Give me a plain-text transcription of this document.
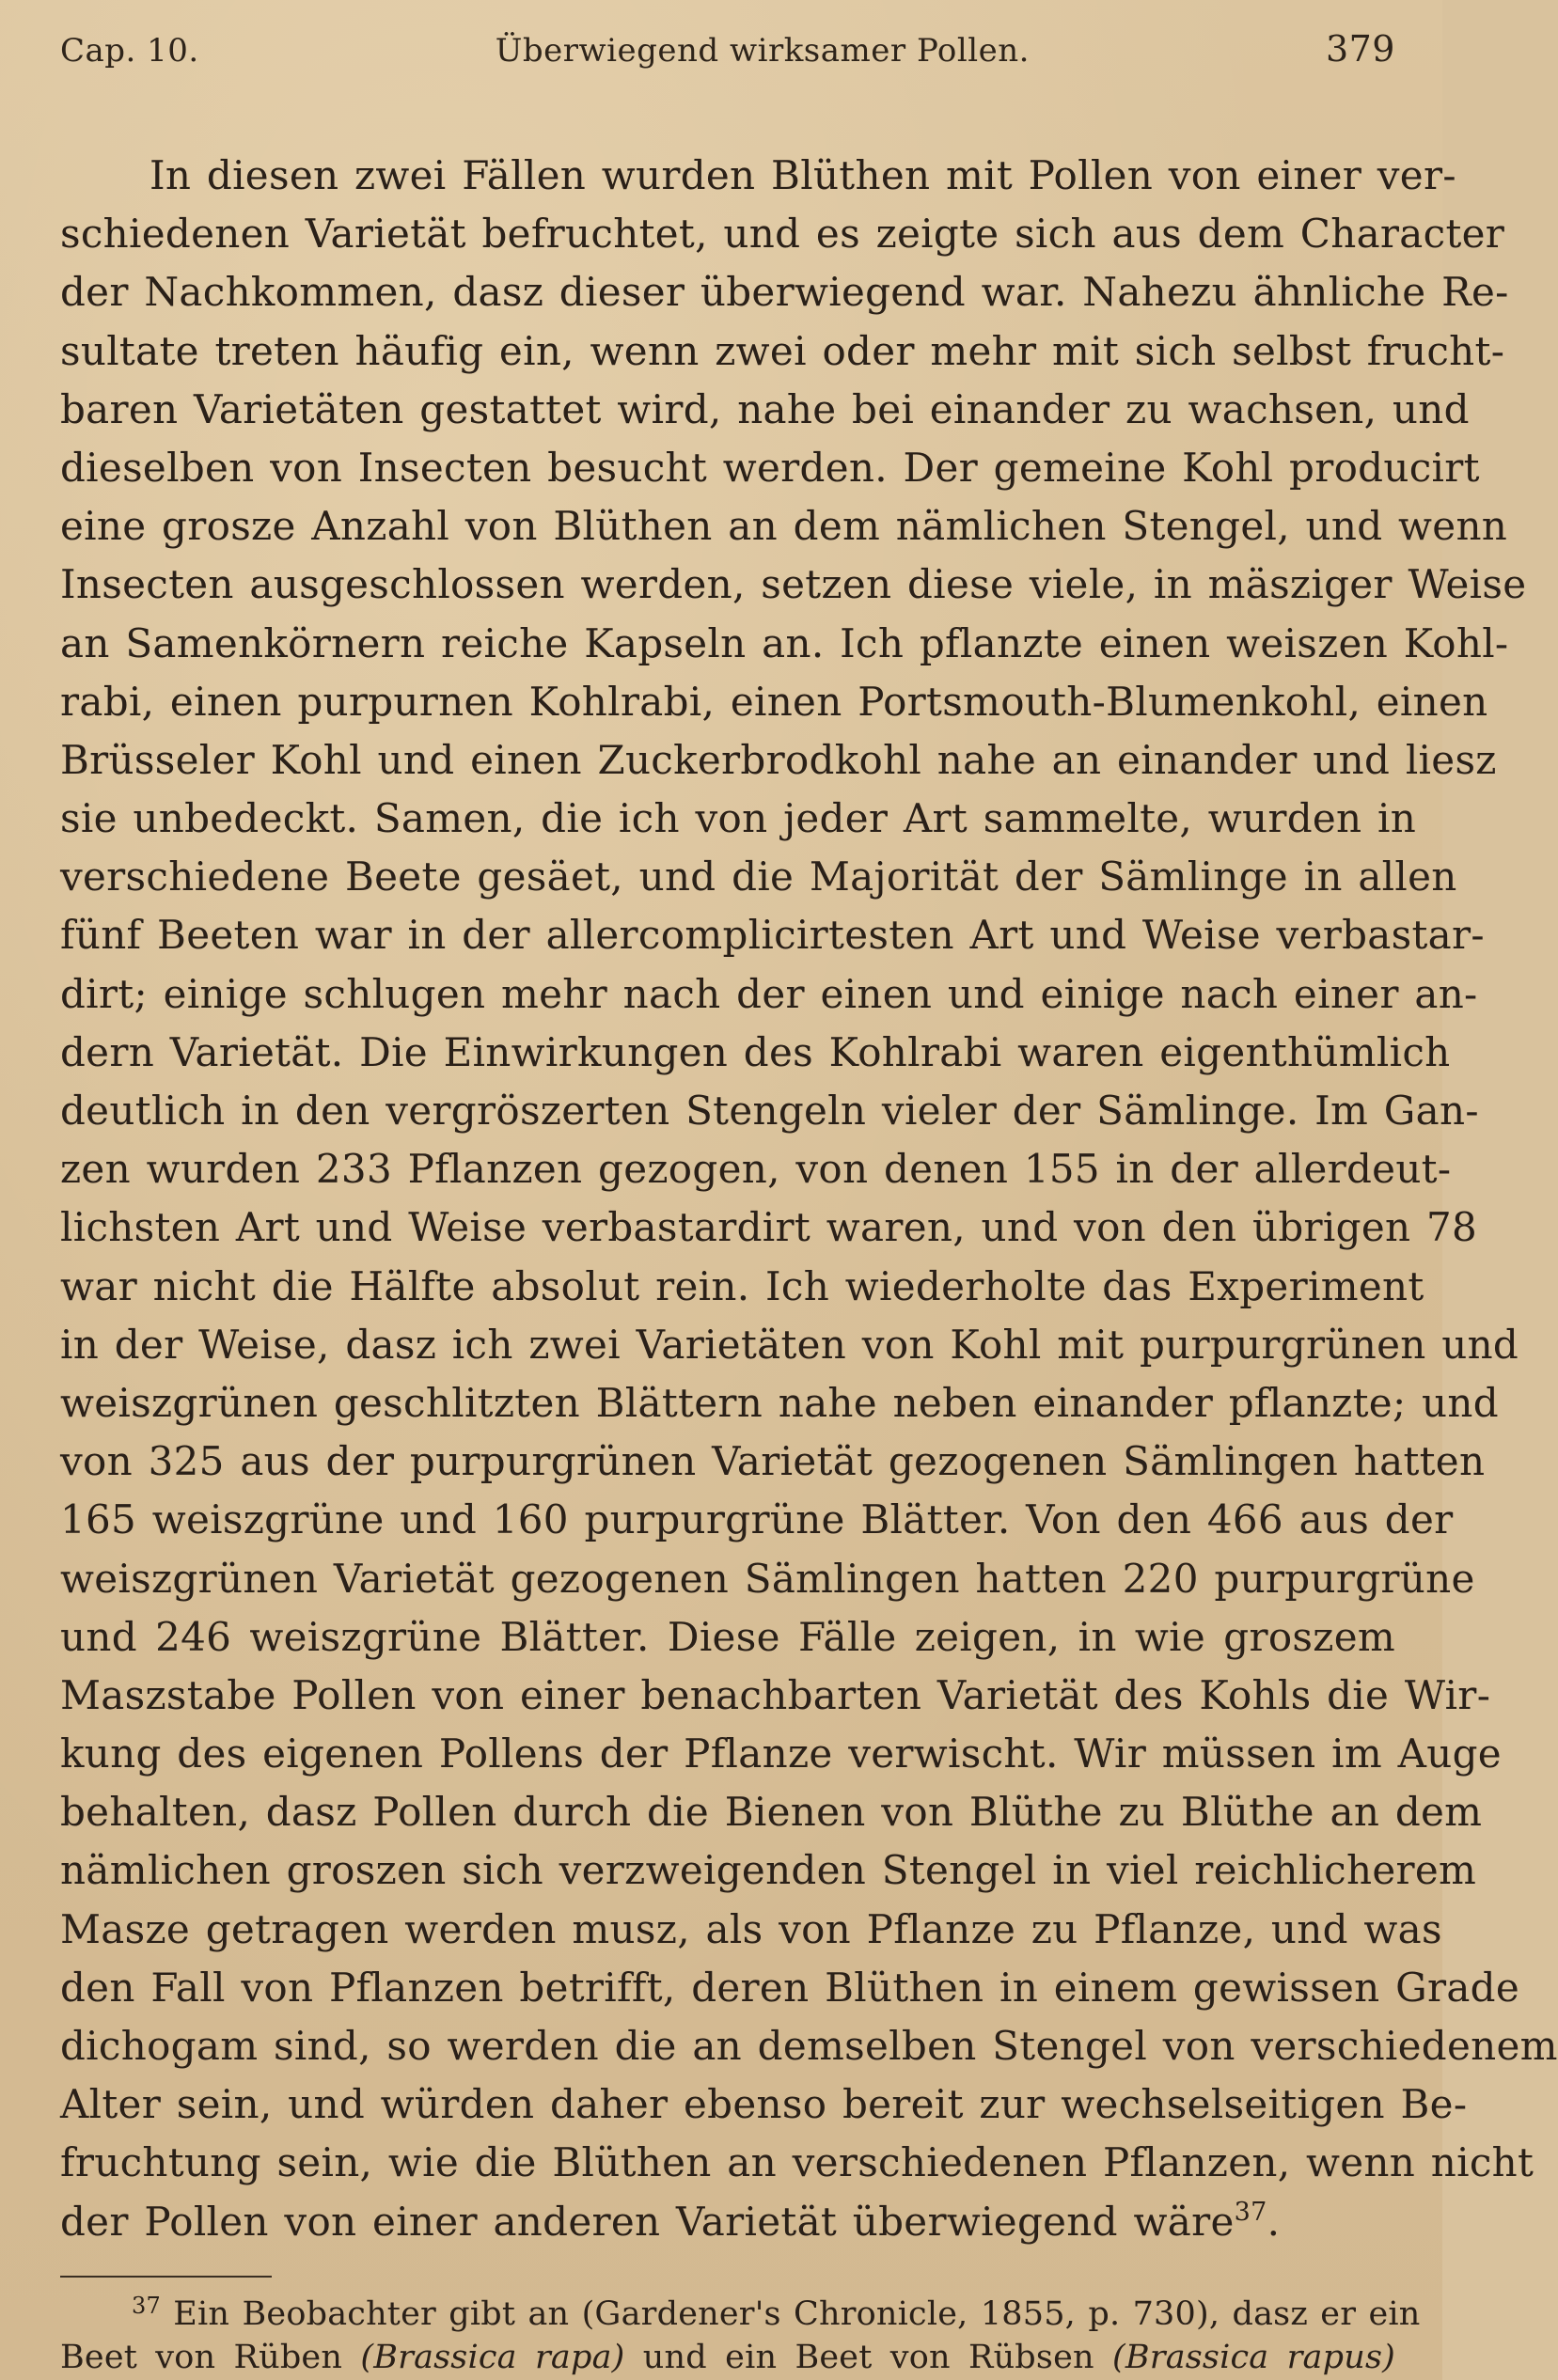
Cap. 10.	Überwiegend wirksamer Pollen.	379
In diesen zwei Fällen wurden Blüthen mit Pollen von einer ver-
schiedenen Varietät befruchtet, und es zeigte sich aus dem Character
der Nachkommen, dasz dieser überwiegend war. Nahezu ähnliche Re-
sultate treten häufig ein, wenn zwei oder mehr mit sich selbst frucht-
baren Varietäten gestattet wird, nahe bei einander zu wachsen, und
dieselben von Insecten besucht werden. Der gemeine Kohl producirt
eine grosze Anzahl von Blüthen an dem nämlichen Stengel, und wenn
Insecten ausgeschlossen werden, setzen diese viele, in mäsziger Weise
an Samenkörnern reiche Kapseln an. Ich pflanzte einen weiszen Kohl-
rabi, einen purpurnen Kohlrabi, einen Portsmouth-Blumenkohl, einen
Brüsseler Kohl und einen Zuckerbrodkohl nahe an einander und liesz
sie unbedeckt. Samen, die ich von jeder Art sammelte, wurden in
verschiedene Beete gesäet, und die Majorität der Sämlinge in allen
fünf Beeten war in der allercomplicirtesten Art und Weise verbastar-
dirt; einige schlugen mehr nach der einen und einige nach einer an-
dern Varietät. Die Einwirkungen des Kohlrabi waren eigenthümlich
deutlich in den vergröszerten Stengeln vieler der Sämlinge. Im Gan-
zen wurden 233 Pflanzen gezogen, von denen 155 in der allerdeut-
lichsten Art und Weise verbastardirt waren, und von den übrigen 78
war nicht die Hälfte absolut rein. Ich wiederholte das Experiment
in der Weise, dasz ich zwei Varietäten von Kohl mit purpurgrünen und
weiszgrünen geschlitzten Blättern nahe neben einander pflanzte; und
von 325 aus der purpurgrünen Varietät gezogenen Sämlingen hatten
165 weiszgrüne und 160 purpurgrüne Blätter. Von den 466 aus der
weiszgrünen Varietät gezogenen Sämlingen hatten 220 purpurgrüne
und 246 weiszgrüne Blätter. Diese Fälle zeigen, in wie groszem
Maszstabe Pollen von einer benachbarten Varietät des Kohls die Wir-
kung des eigenen Pollens der Pflanze verwischt. Wir müssen im Auge
behalten, dasz Pollen durch die Bienen von Blüthe zu Blüthe an dem
nämlichen groszen sich verzweigenden Stengel in viel reichlicherem
Masze getragen werden musz, als von Pflanze zu Pflanze, und was
den Fall von Pflanzen betrifft, deren Blüthen in einem gewissen Grade
dichogam sind, so werden die an demselben Stengel von verschiedenem
Alter sein, und würden daher ebenso bereit zur wechselseitigen Be-
fruchtung sein, wie die Blüthen an verschiedenen Pflanzen, wenn nicht
der Pollen von einer anderen Varietät überwiegend wäre$^{37}$.
$^{37}$ Ein Beobachter gibt an (Gardener's Chronicle, 1855, p. 730), dasz er ein
Beet von Rüben (Brassica rapa) und ein Beet von Rübsen (Brassica rapus)
